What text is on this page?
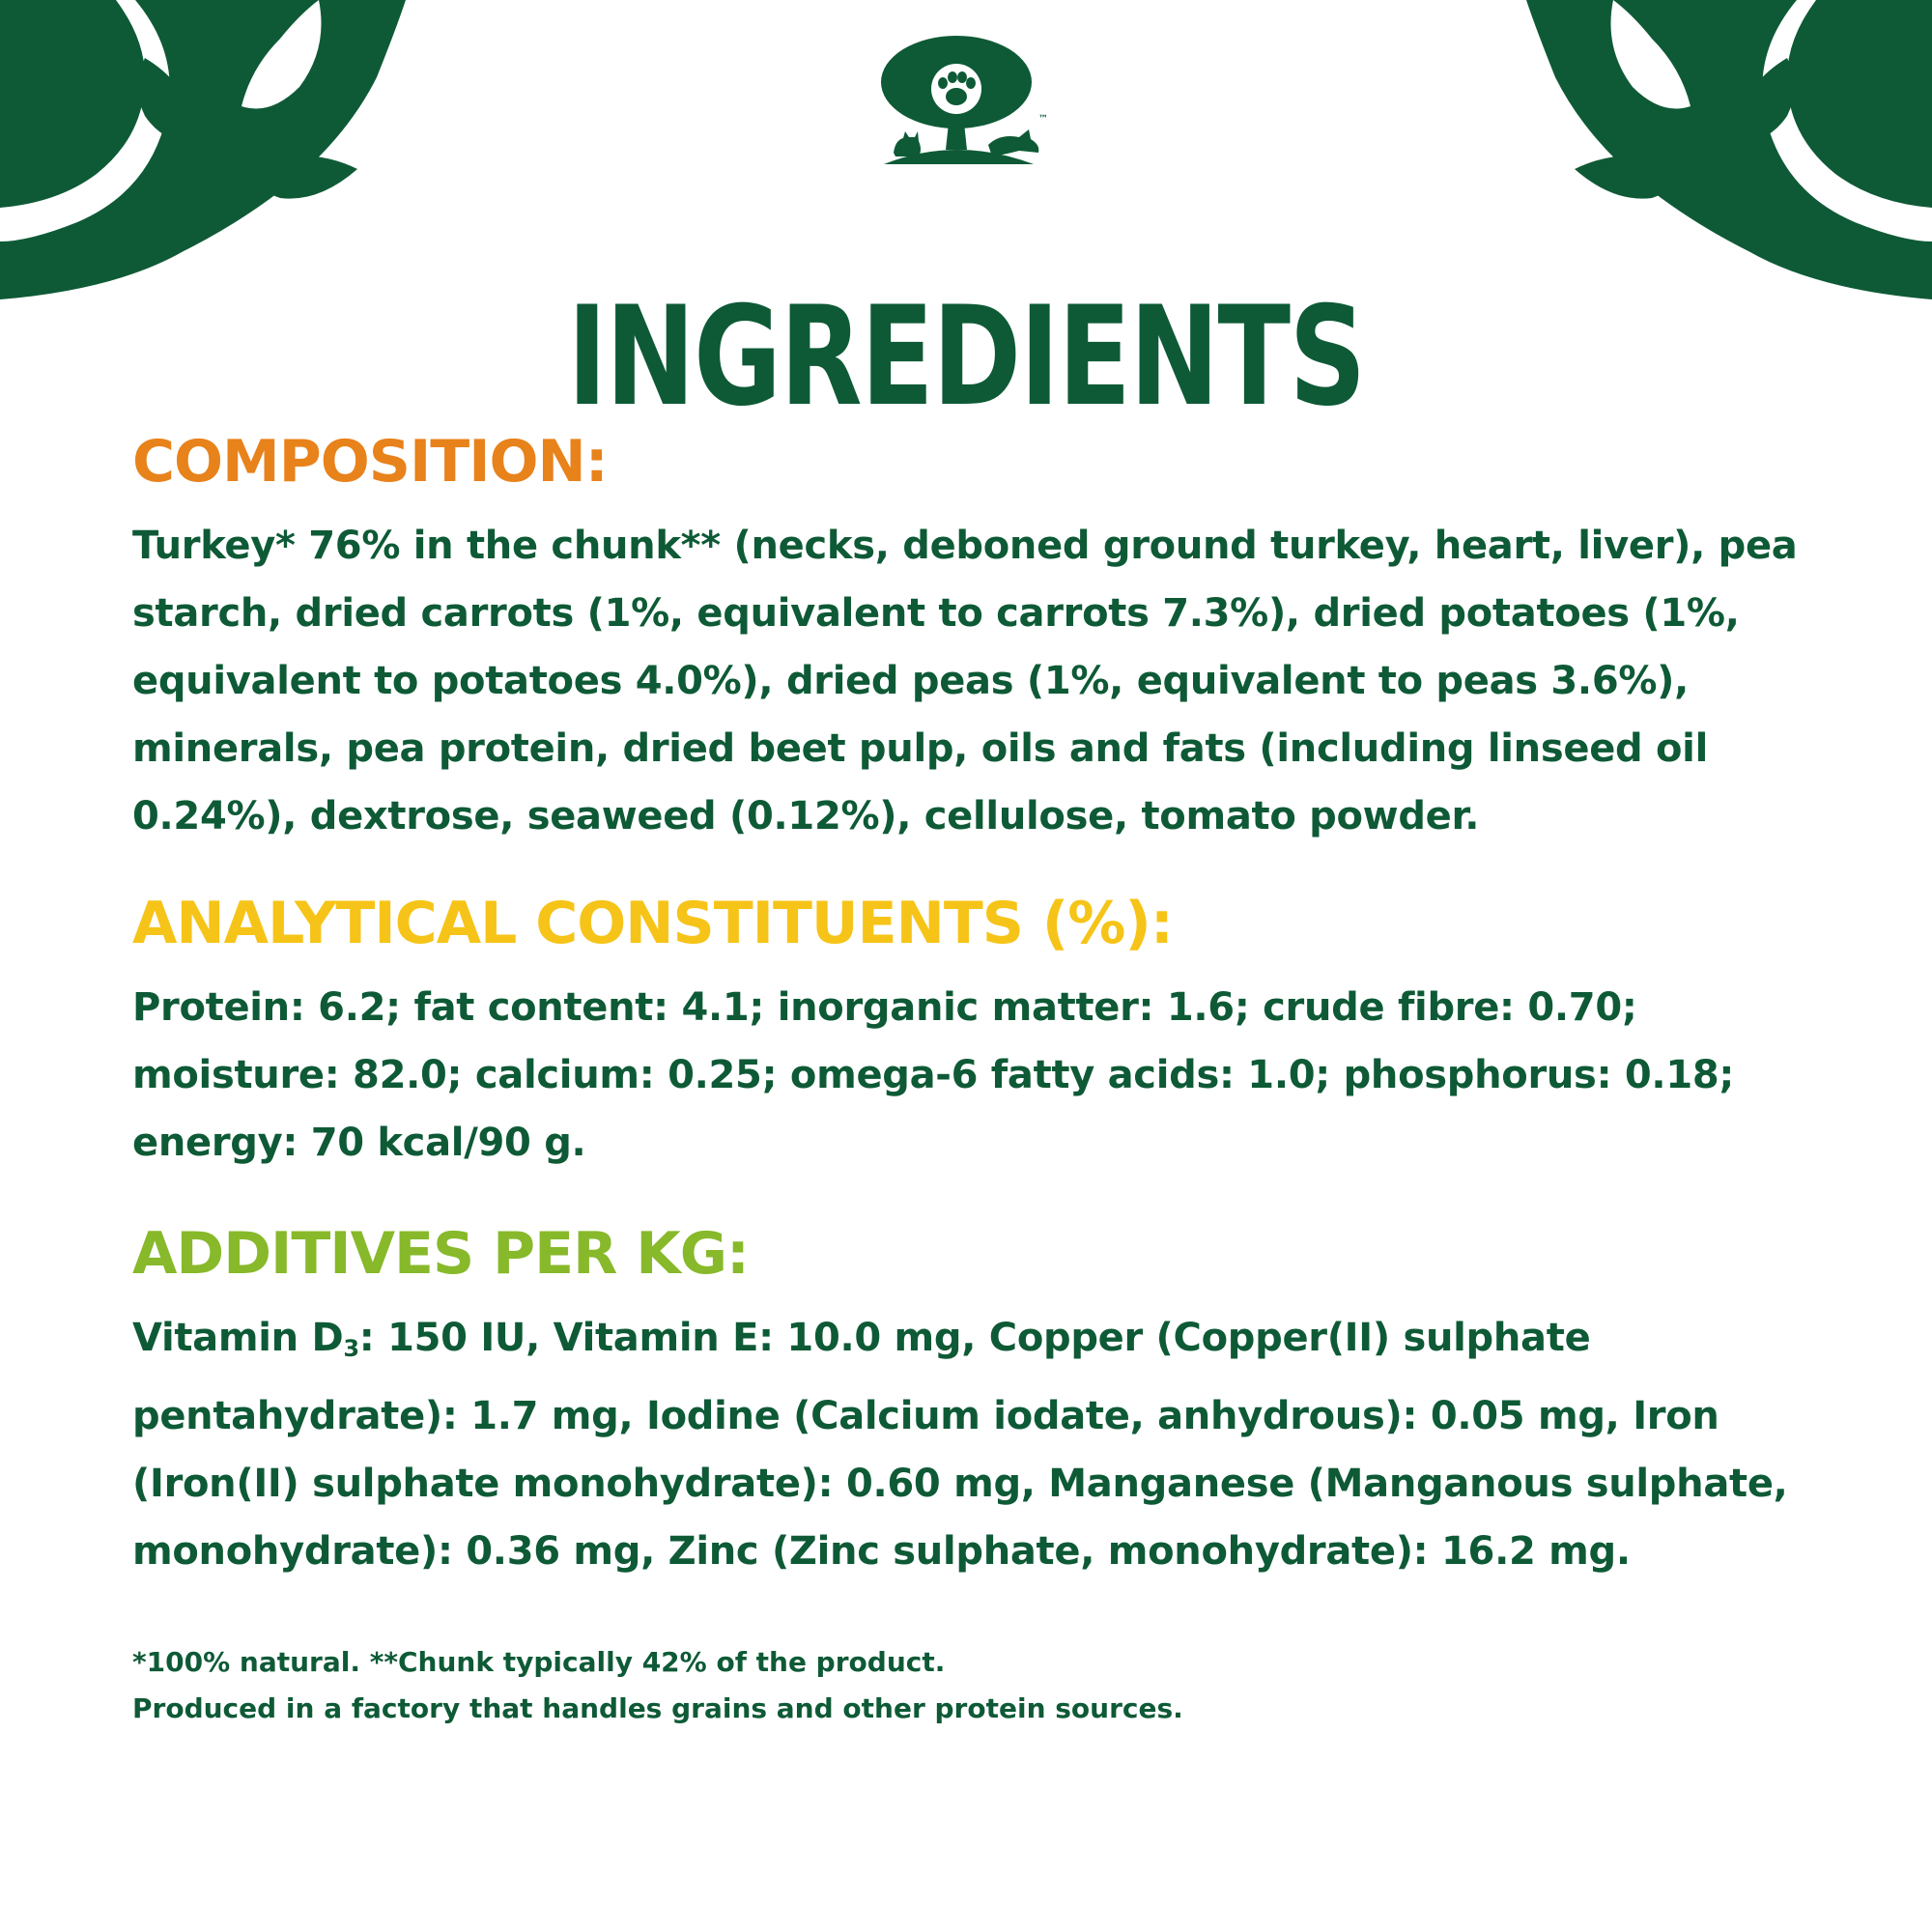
™
INGREDIENTS
COMPOSITION:

Turkey* 76% in the chunk** (necks, deboned ground turkey, heart, liver), pea starch, dried carrots (1%, equivalent to carrots 7.3%), dried potatoes (1%, equivalent to potatoes 4.0%), dried peas (1%, equivalent to peas 3.6%), minerals, pea protein, dried beet pulp, oils and fats (including linseed oil 0.24%), dextrose, seaweed (0.12%), cellulose, tomato powder.

ANALYTICAL CONSTITUENTS (%):

Protein: 6.2; fat content: 4.1; inorganic matter: 1.6; crude fibre: 0.70; moisture: 82.0; calcium: 0.25; omega-6 fatty acids: 1.0; phosphorus: 0.18; energy: 70 kcal/90 g.

ADDITIVES PER KG:

Vitamin $D_3$: 150 IU, Vitamin E: 10.0 mg, Copper (Copper(II) sulphate pentahydrate): 1.7 mg, Iodine (Calcium iodate, anhydrous): 0.05 mg, Iron (Iron(II) sulphate monohydrate): 0.60 mg, Manganese (Manganous sulphate, monohydrate): 0.36 mg, Zinc (Zinc sulphate, monohydrate): 16.2 mg.

*100% natural. **Chunk typically 42% of the product.

Produced in a factory that handles grains and other protein sources.
